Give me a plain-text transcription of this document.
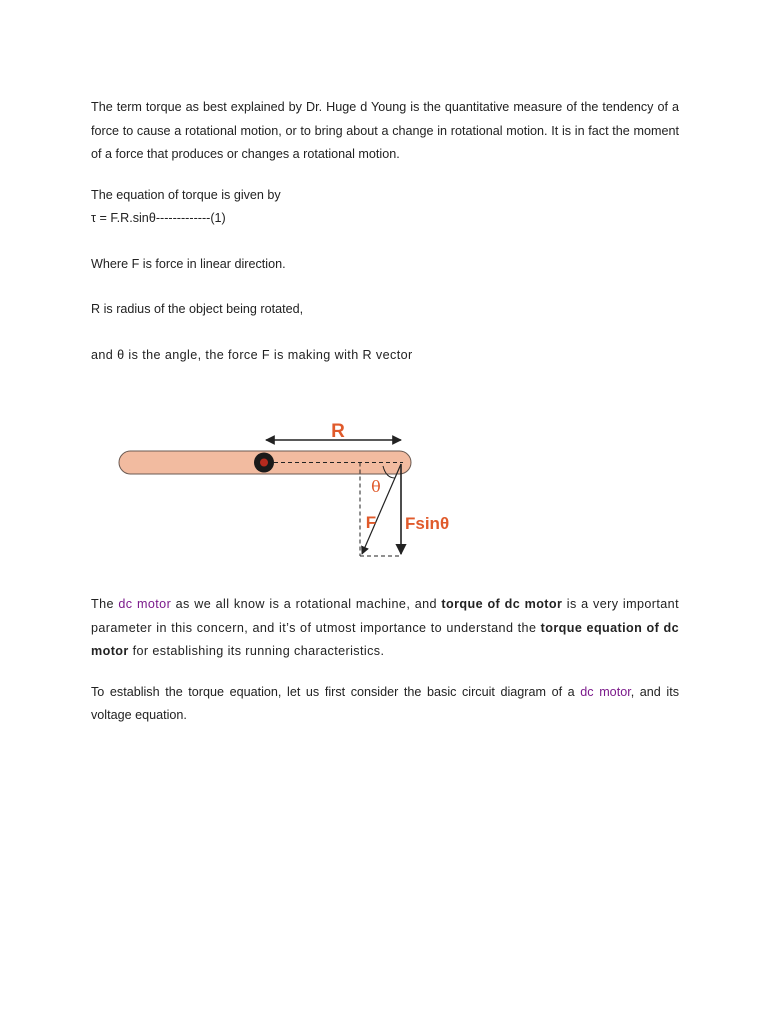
The term torque as best explained by Dr. Huge d Young is the quantitative measure of the tendency of a force to cause a rotational motion, or to bring about a change in rotational motion. It is in fact the moment of a force that produces or changes a rotational motion.

The equation of torque is given by
τ = F.R.sinθ-------------(1)

Where F is force in linear direction.

R is radius of the object being rotated,

and θ is the angle, the force F is making with R vector

R
θ
F Fsinθ

The dc motor as we all know is a rotational machine, and torque of dc motor is a very important parameter in this concern, and it’s of utmost importance to understand the torque equation of dc motor for establishing its running characteristics.

To establish the torque equation, let us first consider the basic circuit diagram of a dc motor, and its voltage equation.
